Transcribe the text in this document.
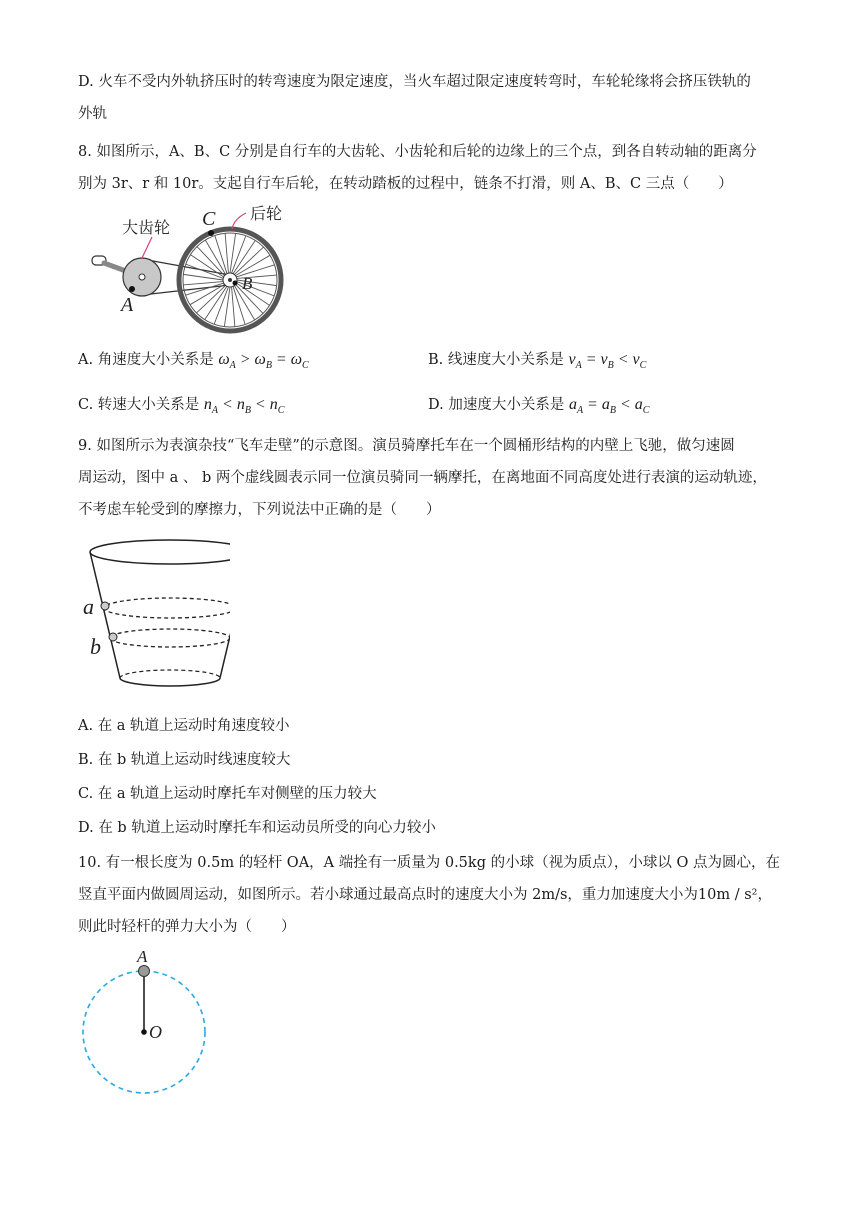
D. 火车不受内外轨挤压时的转弯速度为限定速度，当火车超过限定速度转弯时，车轮轮缘将会挤压铁轨的
外轨
8. 如图所示，A、B、C 分别是自行车的大齿轮、小齿轮和后轮的边缘上的三个点，到各自转动轴的距离分
别为 3r、r 和 10r。支起自行车后轮，在转动踏板的过程中，链条不打滑，则 A、B、C 三点（　　）
大齿轮
后轮
C
A
B
A. 角速度大小关系是 $\omega_A > \omega_B = \omega_C$	B. 线速度大小关系是 $v_A = v_B < v_C$
C. 转速大小关系是 $n_A < n_B < n_C$	D. 加速度大小关系是 $a_A = a_B < a_C$
9. 如图所示为表演杂技“飞车走壁”的示意图。演员骑摩托车在一个圆桶形结构的内壁上飞驰，做匀速圆
周运动，图中 a 、 b 两个虚线圆表示同一位演员骑同一辆摩托，在离地面不同高度处进行表演的运动轨迹，
不考虑车轮受到的摩擦力，下列说法中正确的是（　　）
a
b
A. 在 a 轨道上运动时角速度较小
B. 在 b 轨道上运动时线速度较大
C. 在 a 轨道上运动时摩托车对侧壁的压力较大
D. 在 b 轨道上运动时摩托车和运动员所受的向心力较小
10. 有一根长度为 0.5m 的轻杆 OA，A 端拴有一质量为 0.5kg 的小球（视为质点），小球以 O 点为圆心，在
竖直平面内做圆周运动，如图所示。若小球通过最高点时的速度大小为 2m/s，重力加速度大小为10m / s²，
则此时轻杆的弹力大小为（　　）
A
O
